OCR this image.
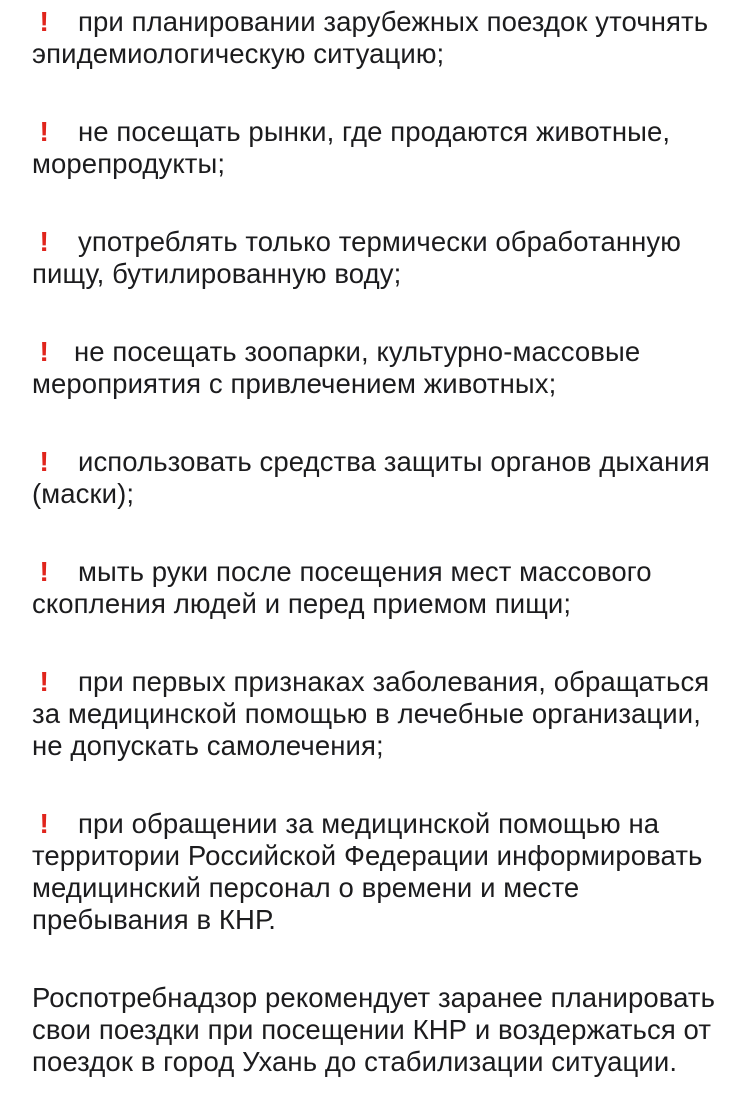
! при планировании зарубежных поездок уточнять эпидемиологическую ситуацию;

! не посещать рынки, где продаются животные, морепродукты;

! употреблять только термически обработанную пищу, бутилированную воду;

! не посещать зоопарки, культурно-массовые мероприятия с привлечением животных;

! использовать средства защиты органов дыхания (маски);

! мыть руки после посещения мест массового скопления людей и перед приемом пищи;

! при первых признаках заболевания, обращаться за медицинской помощью в лечебные организации, не допускать самолечения;

! при обращении за медицинской помощью на территории Российской Федерации информировать медицинский персонал о времени и месте пребывания в КНР.

Роспотребнадзор рекомендует заранее планировать свои поездки при посещении КНР и воздержаться от поездок в город Ухань до стабилизации ситуации.
